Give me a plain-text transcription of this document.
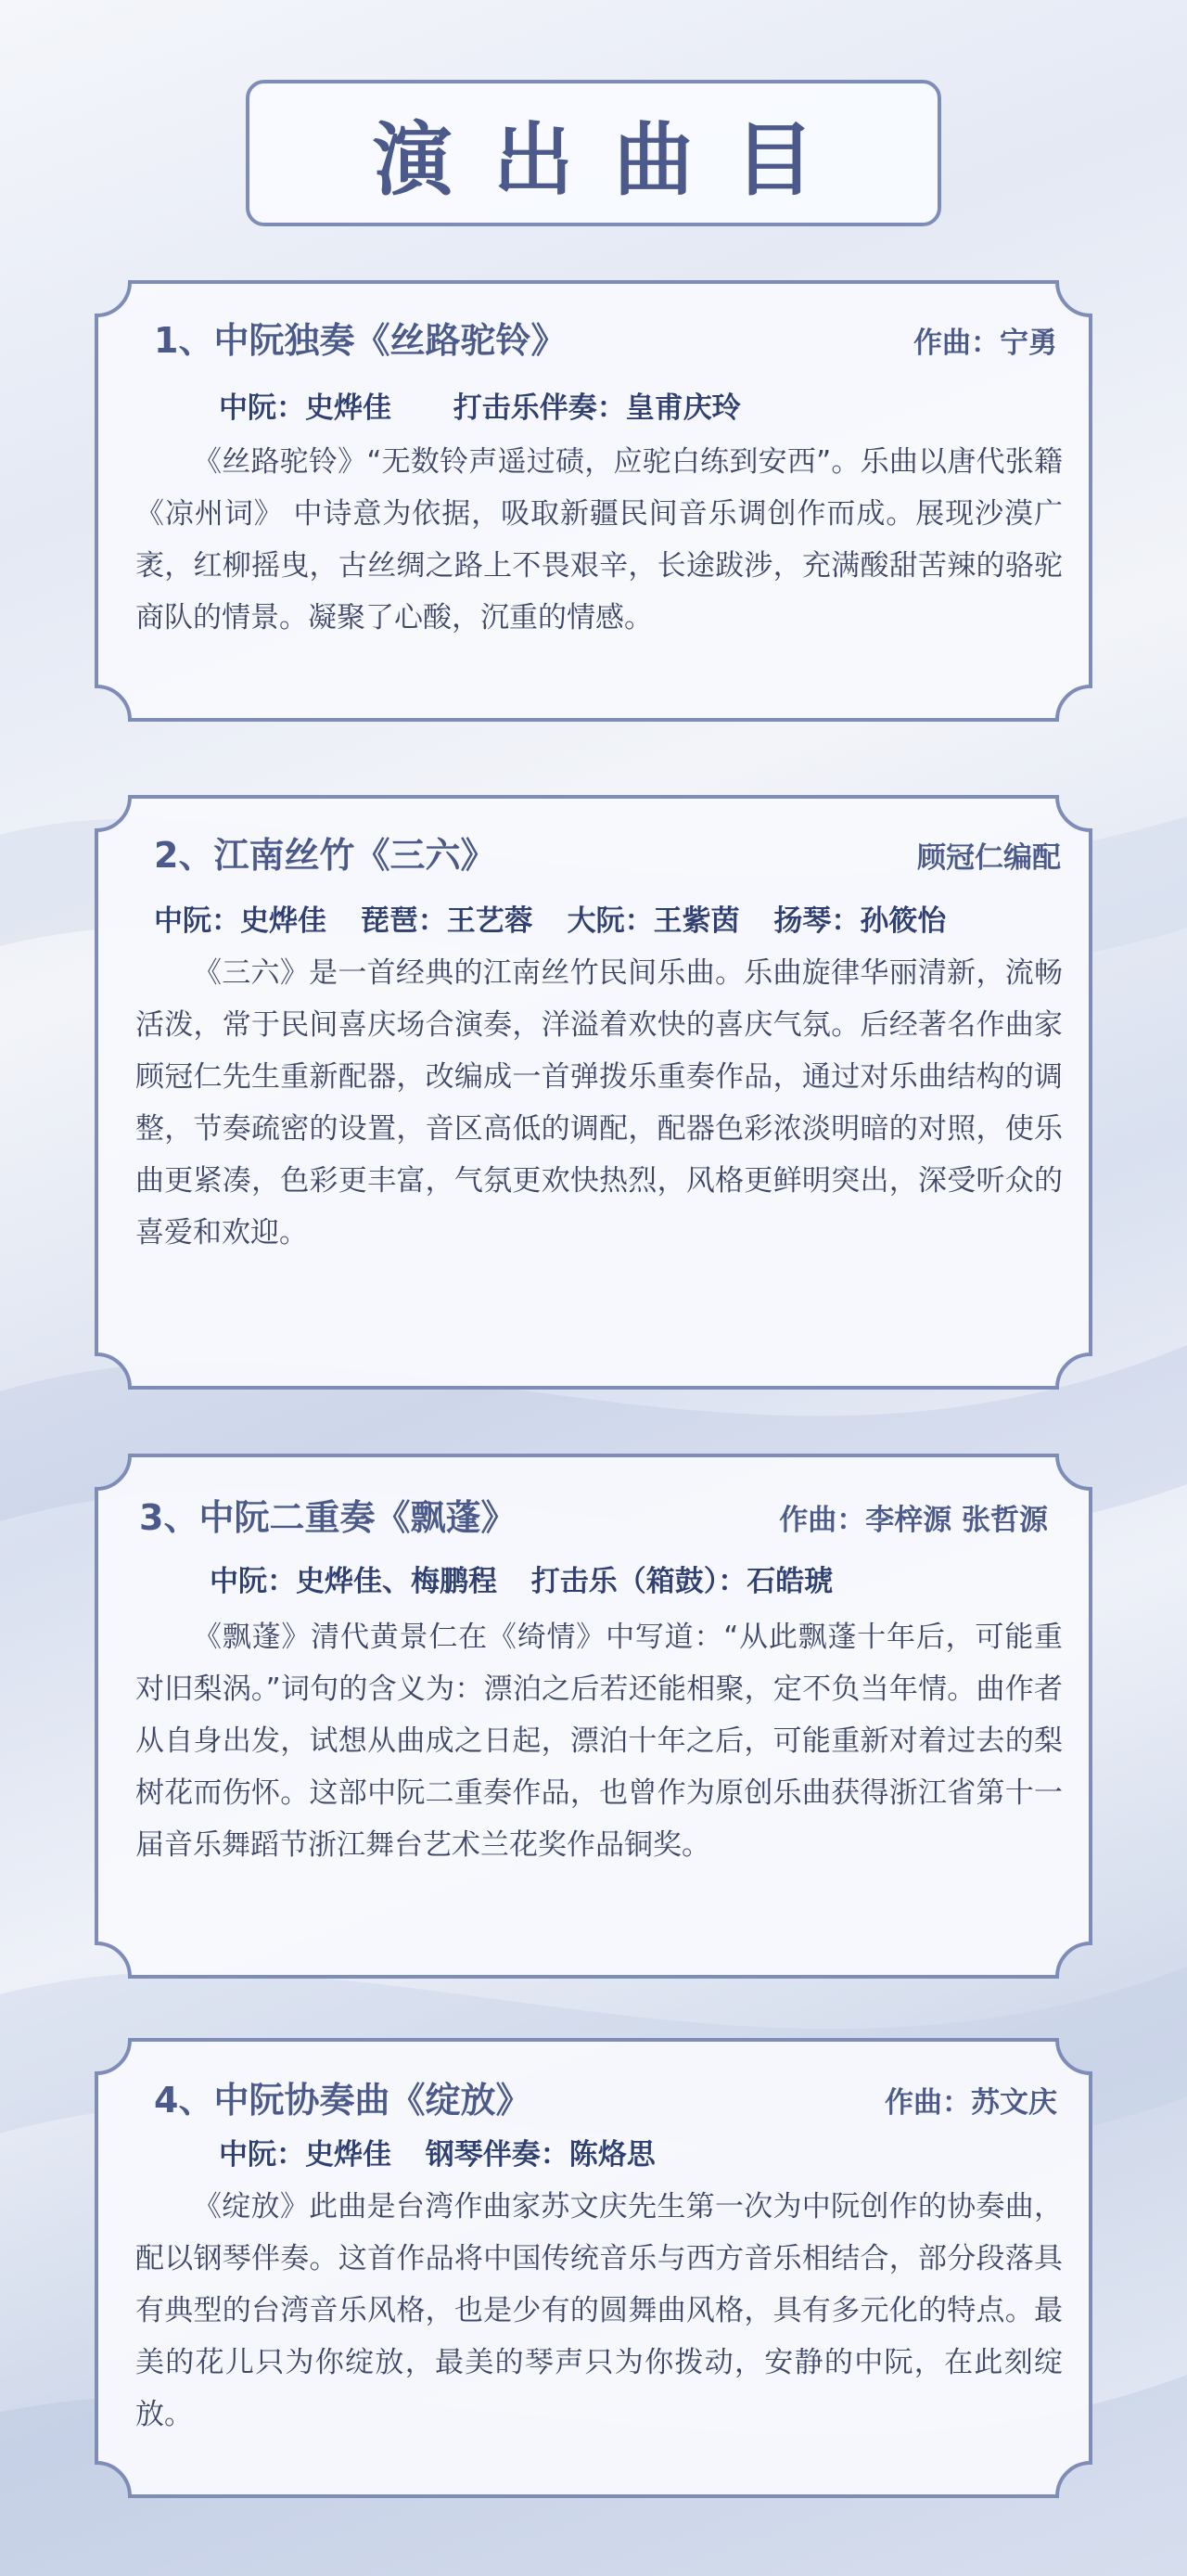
演出曲目
1、中阮独奏《丝路驼铃》	作曲：宁勇
中阮：史烨佳 打击乐伴奏：皇甫庆玲
《丝路驼铃》“无数铃声遥过碛，应驼白练到安西”。乐曲以唐代张籍《凉州词》 中诗意为依据，吸取新疆民间音乐调创作而成。展现沙漠广袤，红柳摇曳，古丝绸之路上不畏艰辛，长途跋涉，充满酸甜苦辣的骆驼商队的情景。凝聚了心酸，沉重的情感。
2、江南丝竹《三六》	顾冠仁编配
中阮：史烨佳 琵琶：王艺蓉 大阮：王紫茵 扬琴：孙筱怡
《三六》是一首经典的江南丝竹民间乐曲。乐曲旋律华丽清新，流畅活泼，常于民间喜庆场合演奏，洋溢着欢快的喜庆气氛。后经著名作曲家顾冠仁先生重新配器，改编成一首弹拨乐重奏作品，通过对乐曲结构的调整，节奏疏密的设置，音区高低的调配，配器色彩浓淡明暗的对照，使乐曲更紧凑，色彩更丰富，气氛更欢快热烈，风格更鲜明突出，深受听众的喜爱和欢迎。
3、中阮二重奏《飘蓬》	作曲：李梓源 张哲源
中阮：史烨佳、梅鹏程 打击乐（箱鼓）：石皓琥
《飘蓬》清代黄景仁在《绮情》中写道：“从此飘蓬十年后，可能重对旧梨涡。”词句的含义为：漂泊之后若还能相聚，定不负当年情。曲作者从自身出发，试想从曲成之日起，漂泊十年之后，可能重新对着过去的梨树花而伤怀。这部中阮二重奏作品，也曾作为原创乐曲获得浙江省第十一届音乐舞蹈节浙江舞台艺术兰花奖作品铜奖。
4、中阮协奏曲《绽放》	作曲：苏文庆
中阮：史烨佳 钢琴伴奏：陈烙思
《绽放》此曲是台湾作曲家苏文庆先生第一次为中阮创作的协奏曲，配以钢琴伴奏。这首作品将中国传统音乐与西方音乐相结合，部分段落具有典型的台湾音乐风格，也是少有的圆舞曲风格，具有多元化的特点。最美的花儿只为你绽放，最美的琴声只为你拨动，安静的中阮，在此刻绽放。
